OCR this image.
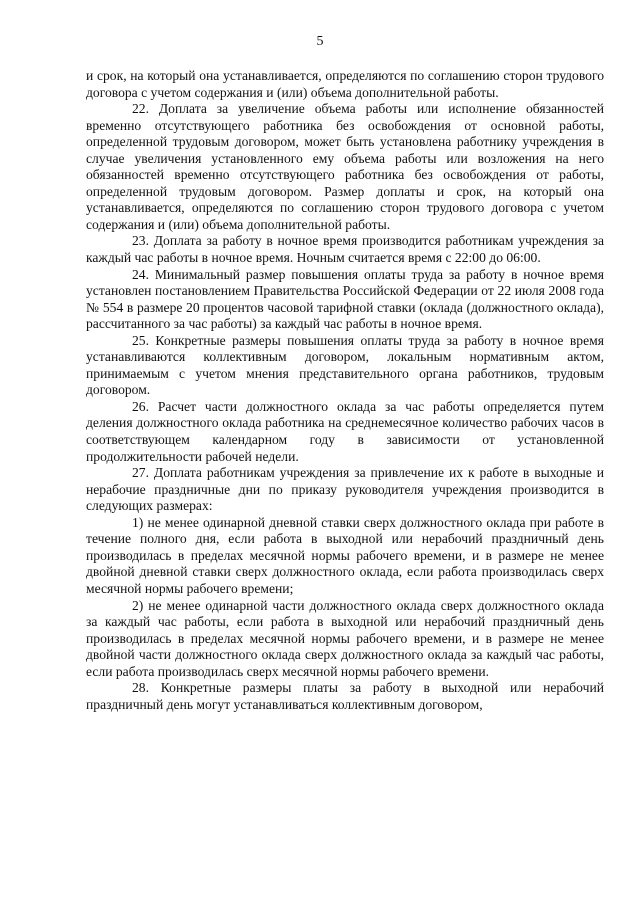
5

и срок, на который она устанавливается, определяются по соглашению сторон трудового договора с учетом содержания и (или) объема дополнительной работы.

22. Доплата за увеличение объема работы или исполнение обязанностей временно отсутствующего работника без освобождения от основной работы, определенной трудовым договором, может быть установлена работнику учреждения в случае увеличения установленного ему объема работы или возложения на него обязанностей временно отсутствующего работника без освобождения от работы, определенной трудовым договором. Размер доплаты и срок, на который она устанавливается, определяются по соглашению сторон трудового договора с учетом содержания и (или) объема дополнительной работы.

23. Доплата за работу в ночное время производится работникам учреждения за каждый час работы в ночное время. Ночным считается время с 22:00 до 06:00.

24. Минимальный размер повышения оплаты труда за работу в ночное время установлен постановлением Правительства Российской Федерации от 22 июля 2008 года № 554 в размере 20 процентов часовой тарифной ставки (оклада (должностного оклада), рассчитанного за час работы) за каждый час работы в ночное время.

25. Конкретные размеры повышения оплаты труда за работу в ночное время устанавливаются коллективным договором, локальным нормативным актом, принимаемым с учетом мнения представительного органа работников, трудовым договором.

26. Расчет части должностного оклада за час работы определяется путем деления должностного оклада работника на среднемесячное количество рабочих часов в соответствующем календарном году в зависимости от установленной продолжительности рабочей недели.

27. Доплата работникам учреждения за привлечение их к работе в выходные и нерабочие праздничные дни по приказу руководителя учреждения производится в следующих размерах:

1) не менее одинарной дневной ставки сверх должностного оклада при работе в течение полного дня, если работа в выходной или нерабочий праздничный день производилась в пределах месячной нормы рабочего времени, и в размере не менее двойной дневной ставки сверх должностного оклада, если работа производилась сверх месячной нормы рабочего времени;

2) не менее одинарной части должностного оклада сверх должностного оклада за каждый час работы, если работа в выходной или нерабочий праздничный день производилась в пределах месячной нормы рабочего времени, и в размере не менее двойной части должностного оклада сверх должностного оклада за каждый час работы, если работа производилась сверх месячной нормы рабочего времени.

28. Конкретные размеры платы за работу в выходной или нерабочий праздничный день могут устанавливаться коллективным договором,
